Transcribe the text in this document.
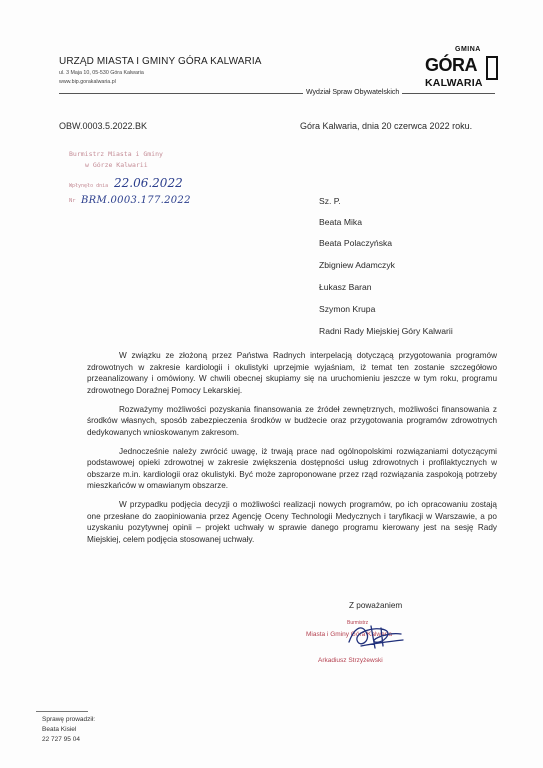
URZĄD MIASTA I GMINY GÓRA KALWARIA
ul. 3 Maja 10, 05-530 Góra Kalwaria
www.bip.gorakalwaria.pl
Wydział Spraw Obywatelskich
GMINA
GÓRA
KALWARIA
OBW.0003.5.2022.BK	Góra Kalwaria, dnia 20 czerwca 2022 roku.
Burmistrz Miasta i Gminy
w Górze Kalwarii
Wpłynęło dnia 22.06.2022
Nr BRM.0003.177.2022	Sz. P.
Beata Mika
Beata Polaczyńska
Zbigniew Adamczyk
Łukasz Baran
Szymon Krupa
Radni Rady Miejskiej Góry Kalwarii

W związku ze złożoną przez Państwa Radnych interpelacją dotyczącą przygotowania programów zdrowotnych w zakresie kardiologii i okulistyki uprzejmie wyjaśniam, iż temat ten zostanie szczegółowo przeanalizowany i omówiony. W chwili obecnej skupiamy się na uruchomieniu jeszcze w tym roku, programu zdrowotnego Doraźnej Pomocy Lekarskiej.

Rozważymy możliwości pozyskania finansowania ze źródeł zewnętrznych, możliwości finansowania z środków własnych, sposób zabezpieczenia środków w budżecie oraz przygotowania programów zdrowotnych dedykowanych wnioskowanym zakresom.

Jednocześnie należy zwrócić uwagę, iż trwają prace nad ogólnopolskimi rozwiązaniami dotyczącymi podstawowej opieki zdrowotnej w zakresie zwiększenia dostępności usług zdrowotnych i profilaktycznych w obszarze m.in. kardiologii oraz okulistyki. Być może zaproponowane przez rząd rozwiązania zaspokoją potrzeby mieszkańców w omawianym obszarze.

W przypadku podjęcia decyzji o możliwości realizacji nowych programów, po ich opracowaniu zostają one przesłane do zaopiniowania przez Agencję Oceny Technologii Medycznych i taryfikacji w Warszawie, a po uzyskaniu pozytywnej opinii – projekt uchwały w sprawie danego programu kierowany jest na sesję Rady Miejskiej, celem podjęcia stosowanej uchwały.

Z poważaniem
Burmistrz
Miasta i Gminy Góra Kalwaria
Arkadiusz Strzyżewski
Sprawę prowadził:
Beata Kisiel
22 727 95 04
